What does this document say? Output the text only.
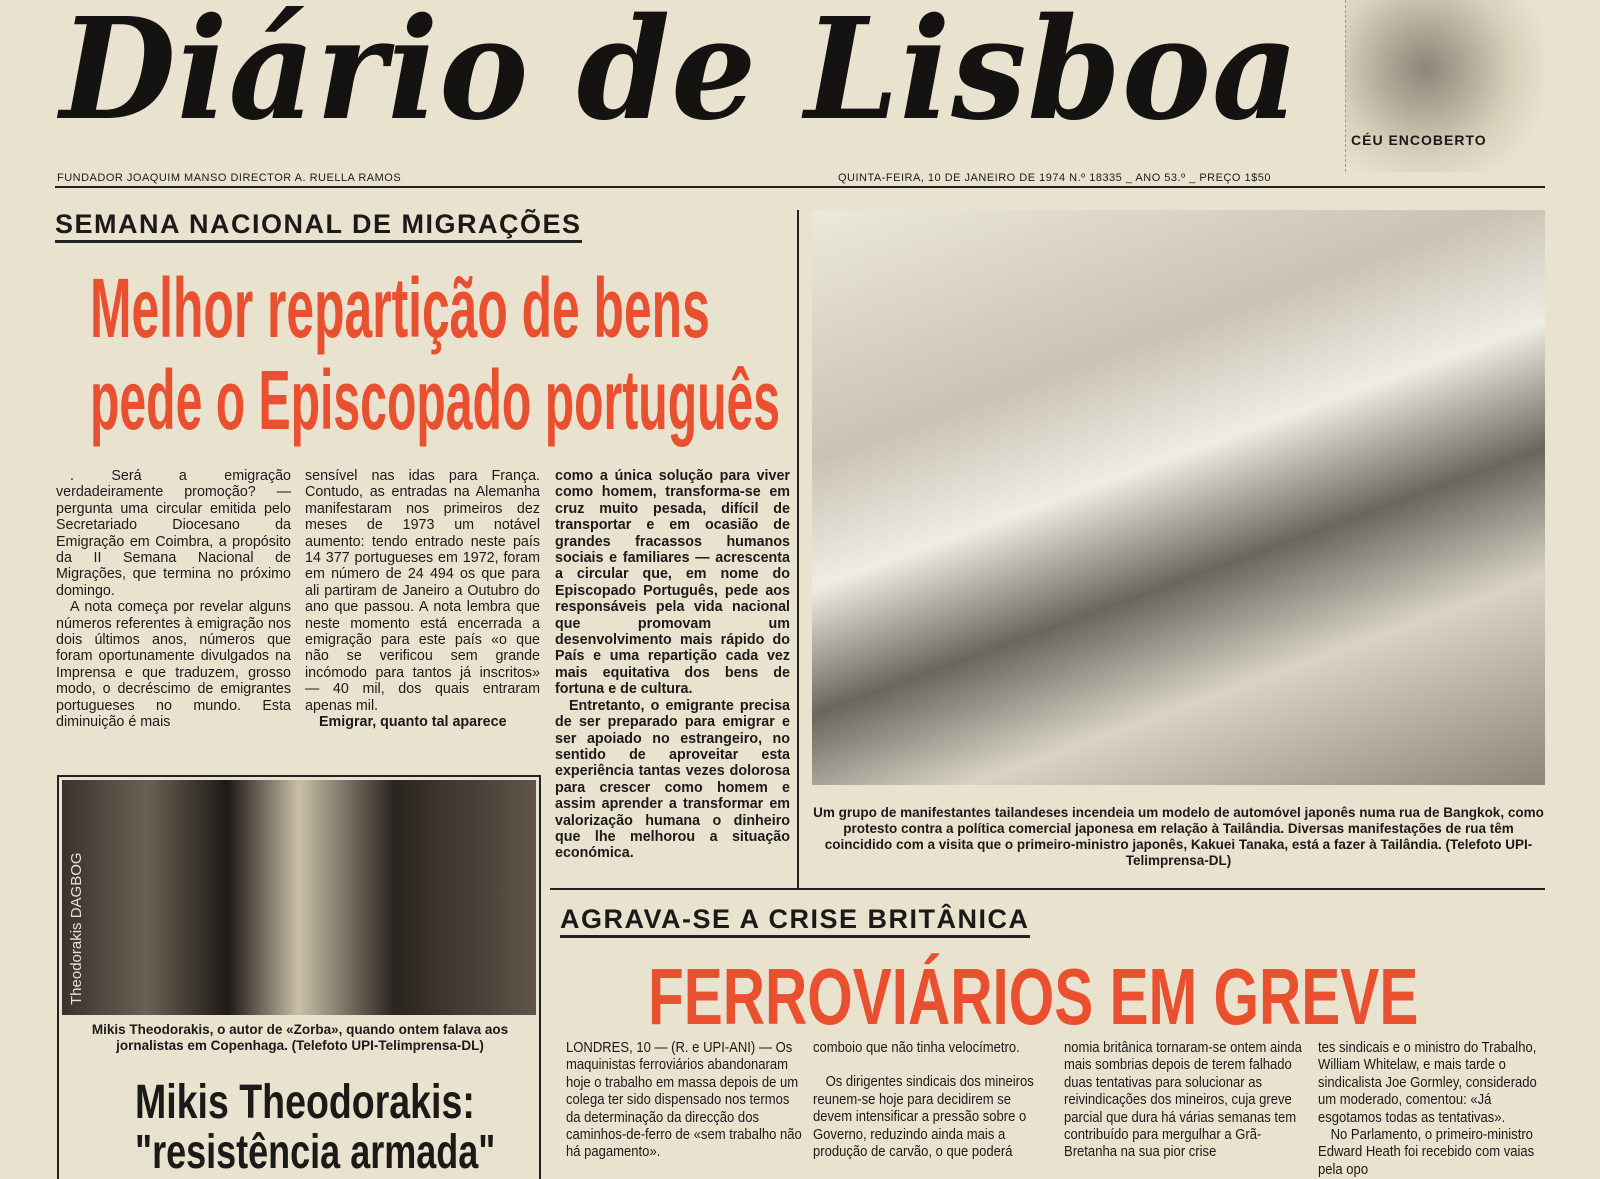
CÉU ENCOBERTO
Diário de Lisboa
FUNDADOR JOAQUIM MANSO DIRECTOR A. RUELLA RAMOS	QUINTA-FEIRA, 10 DE JANEIRO DE 1974 N.º 18335 _ ANO 53.º _ PREÇO 1$50
SEMANA NACIONAL DE MIGRAÇÕES
Melhor repartição de bens
pede o Episcopado português

. Será a emigração verdadeiramente promoção? — pergunta uma circular emitida pelo Secretariado Diocesano da Emigração em Coimbra, a propósito da II Semana Nacional de Migrações, que termina no próximo domingo.

A nota começa por revelar alguns números referentes à emigração nos dois últimos anos, números que foram oportunamente divulgados na Imprensa e que traduzem, grosso modo, o decréscimo de emigrantes portugueses no mundo. Esta diminuição é mais

sensível nas idas para França. Contudo, as entradas na Alemanha manifestaram nos primeiros dez meses de 1973 um notável aumento: tendo entrado neste país 14 377 portugueses em 1972, foram em número de 24 494 os que para ali partiram de Janeiro a Outubro do ano que passou. A nota lembra que neste momento está encerrada a emigração para este país «o que não se verificou sem grande incómodo para tantos já inscritos» — 40 mil, dos quais entraram apenas mil.

Emigrar, quanto tal aparece

como a única solução para viver como homem, transforma-se em cruz muito pesada, difícil de transportar e em ocasião de grandes fracassos humanos sociais e familiares — acrescenta a circular que, em nome do Episcopado Português, pede aos responsáveis pela vida nacional que promovam um desenvolvimento mais rápido do País e uma repartição cada vez mais equitativa dos bens de fortuna e de cultura.

Entretanto, o emigrante precisa de ser preparado para emigrar e ser apoiado no estrangeiro, no sentido de aproveitar esta experiência tantas vezes dolorosa para crescer como homem e assim aprender a transformar em valorização humana o dinheiro que lhe melhorou a situação económica.

Um grupo de manifestantes tailandeses incendeia um modelo de automóvel japonês numa rua de Bangkok, como protesto contra a política comercial japonesa em relação à Tailândia. Diversas manifestações de rua têm coincidido com a visita que o primeiro-ministro japonês, Kakuei Tanaka, está a fazer à Tailândia. (Telefoto UPI-Telimprensa-DL)
Theodorakis DAGBOG
Mikis Theodorakis, o autor de «Zorba», quando ontem falava aos jornalistas em Copenhaga. (Telefoto UPI-Telimprensa-DL)
Mikis Theodorakis:
"resistência armada"
AGRAVA-SE A CRISE BRITÂNICA
FERROVIÁRIOS EM GREVE
LONDRES, 10 — (R. e UPI-ANI) — Os maquinistas ferroviários abandonaram hoje o trabalho em massa depois de um colega ter sido dispensado nos termos da determinação da direcção dos caminhos-de-ferro de «sem trabalho não há pagamento».

comboio que não tinha velocímetro.

Os dirigentes sindicais dos mineiros reunem-se hoje para decidirem se devem intensificar a pressão sobre o Governo, reduzindo ainda mais a produção de carvão, o que poderá

nomia britânica tornaram-se ontem ainda mais sombrias depois de terem falhado duas tentativas para solucionar as reivindicações dos mineiros, cuja greve parcial que dura há várias semanas tem contribuído para mergulhar a Grã-Bretanha na sua pior crise

tes sindicais e o ministro do Trabalho, William Whitelaw, e mais tarde o sindicalista Joe Gormley, considerado um moderado, comentou: «Já esgotamos todas as tentativas».

No Parlamento, o primeiro-ministro Edward Heath foi recebido com vaias pela opo
